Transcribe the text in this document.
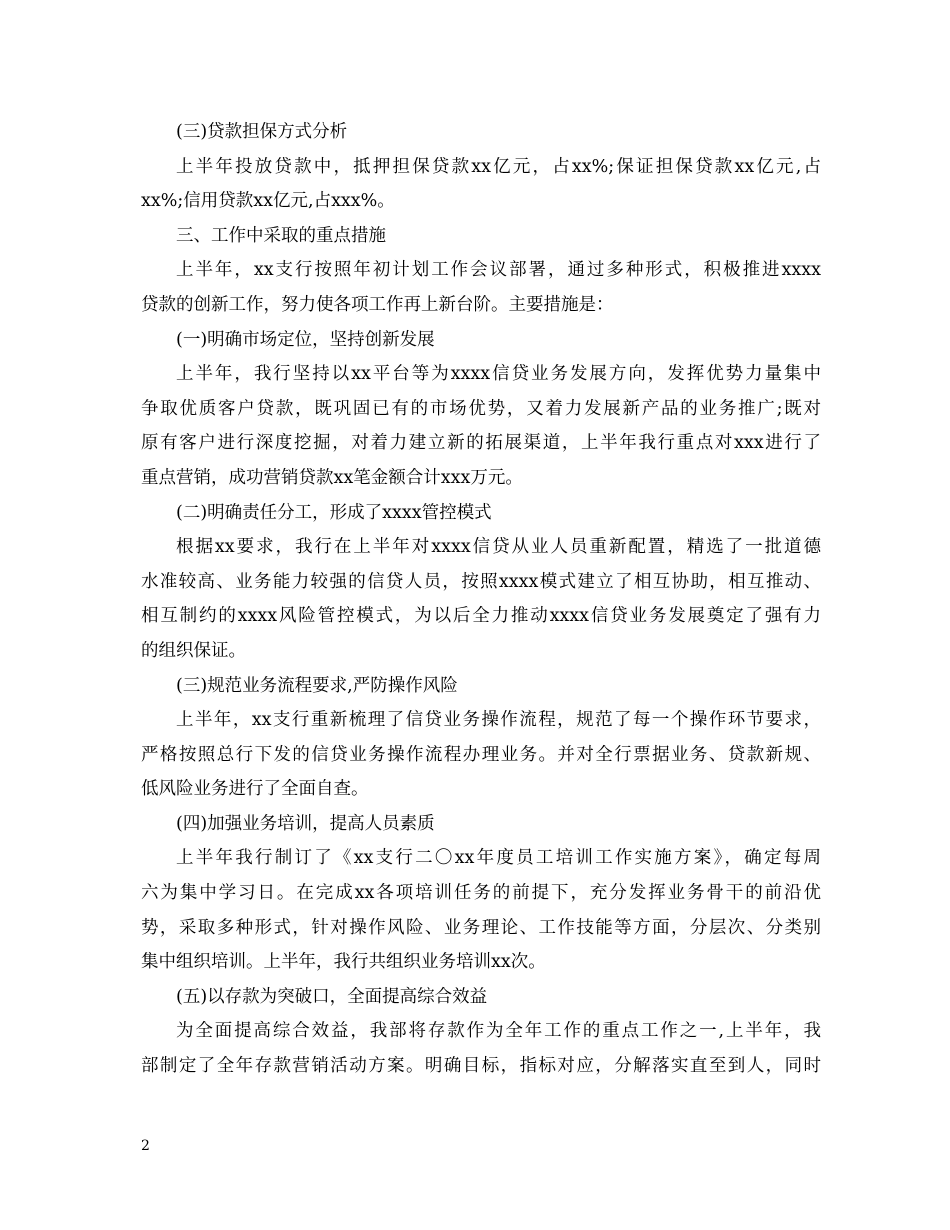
(三)贷款担保方式分析
上半年投放贷款中，抵押担保贷款xx亿元，占xx%;保证担保贷款xx亿元,占
xx%;信用贷款xx亿元,占xxx%。
三、工作中采取的重点措施
上半年，xx支行按照年初计划工作会议部署，通过多种形式，积极推进xxxx
贷款的创新工作，努力使各项工作再上新台阶。主要措施是：
(一)明确市场定位，坚持创新发展
上半年，我行坚持以xx平台等为xxxx信贷业务发展方向，发挥优势力量集中
争取优质客户贷款，既巩固已有的市场优势，又着力发展新产品的业务推广;既对
原有客户进行深度挖掘，对着力建立新的拓展渠道，上半年我行重点对xxx进行了
重点营销，成功营销贷款xx笔金额合计xxx万元。
(二)明确责任分工，形成了xxxx管控模式
根据xx要求，我行在上半年对xxxx信贷从业人员重新配置，精选了一批道德
水准较高、业务能力较强的信贷人员，按照xxxx模式建立了相互协助，相互推动、
相互制约的xxxx风险管控模式，为以后全力推动xxxx信贷业务发展奠定了强有力
的组织保证。
(三)规范业务流程要求,严防操作风险
上半年，xx支行重新梳理了信贷业务操作流程，规范了每一个操作环节要求，
严格按照总行下发的信贷业务操作流程办理业务。并对全行票据业务、贷款新规、
低风险业务进行了全面自查。
(四)加强业务培训，提高人员素质
上半年我行制订了《xx支行二〇xx年度员工培训工作实施方案》，确定每周
六为集中学习日。在完成xx各项培训任务的前提下，充分发挥业务骨干的前沿优
势，采取多种形式，针对操作风险、业务理论、工作技能等方面，分层次、分类别
集中组织培训。上半年，我行共组织业务培训xx次。
(五)以存款为突破口，全面提高综合效益
为全面提高综合效益，我部将存款作为全年工作的重点工作之一,上半年，我
部制定了全年存款营销活动方案。明确目标，指标对应，分解落实直至到人，同时
2
